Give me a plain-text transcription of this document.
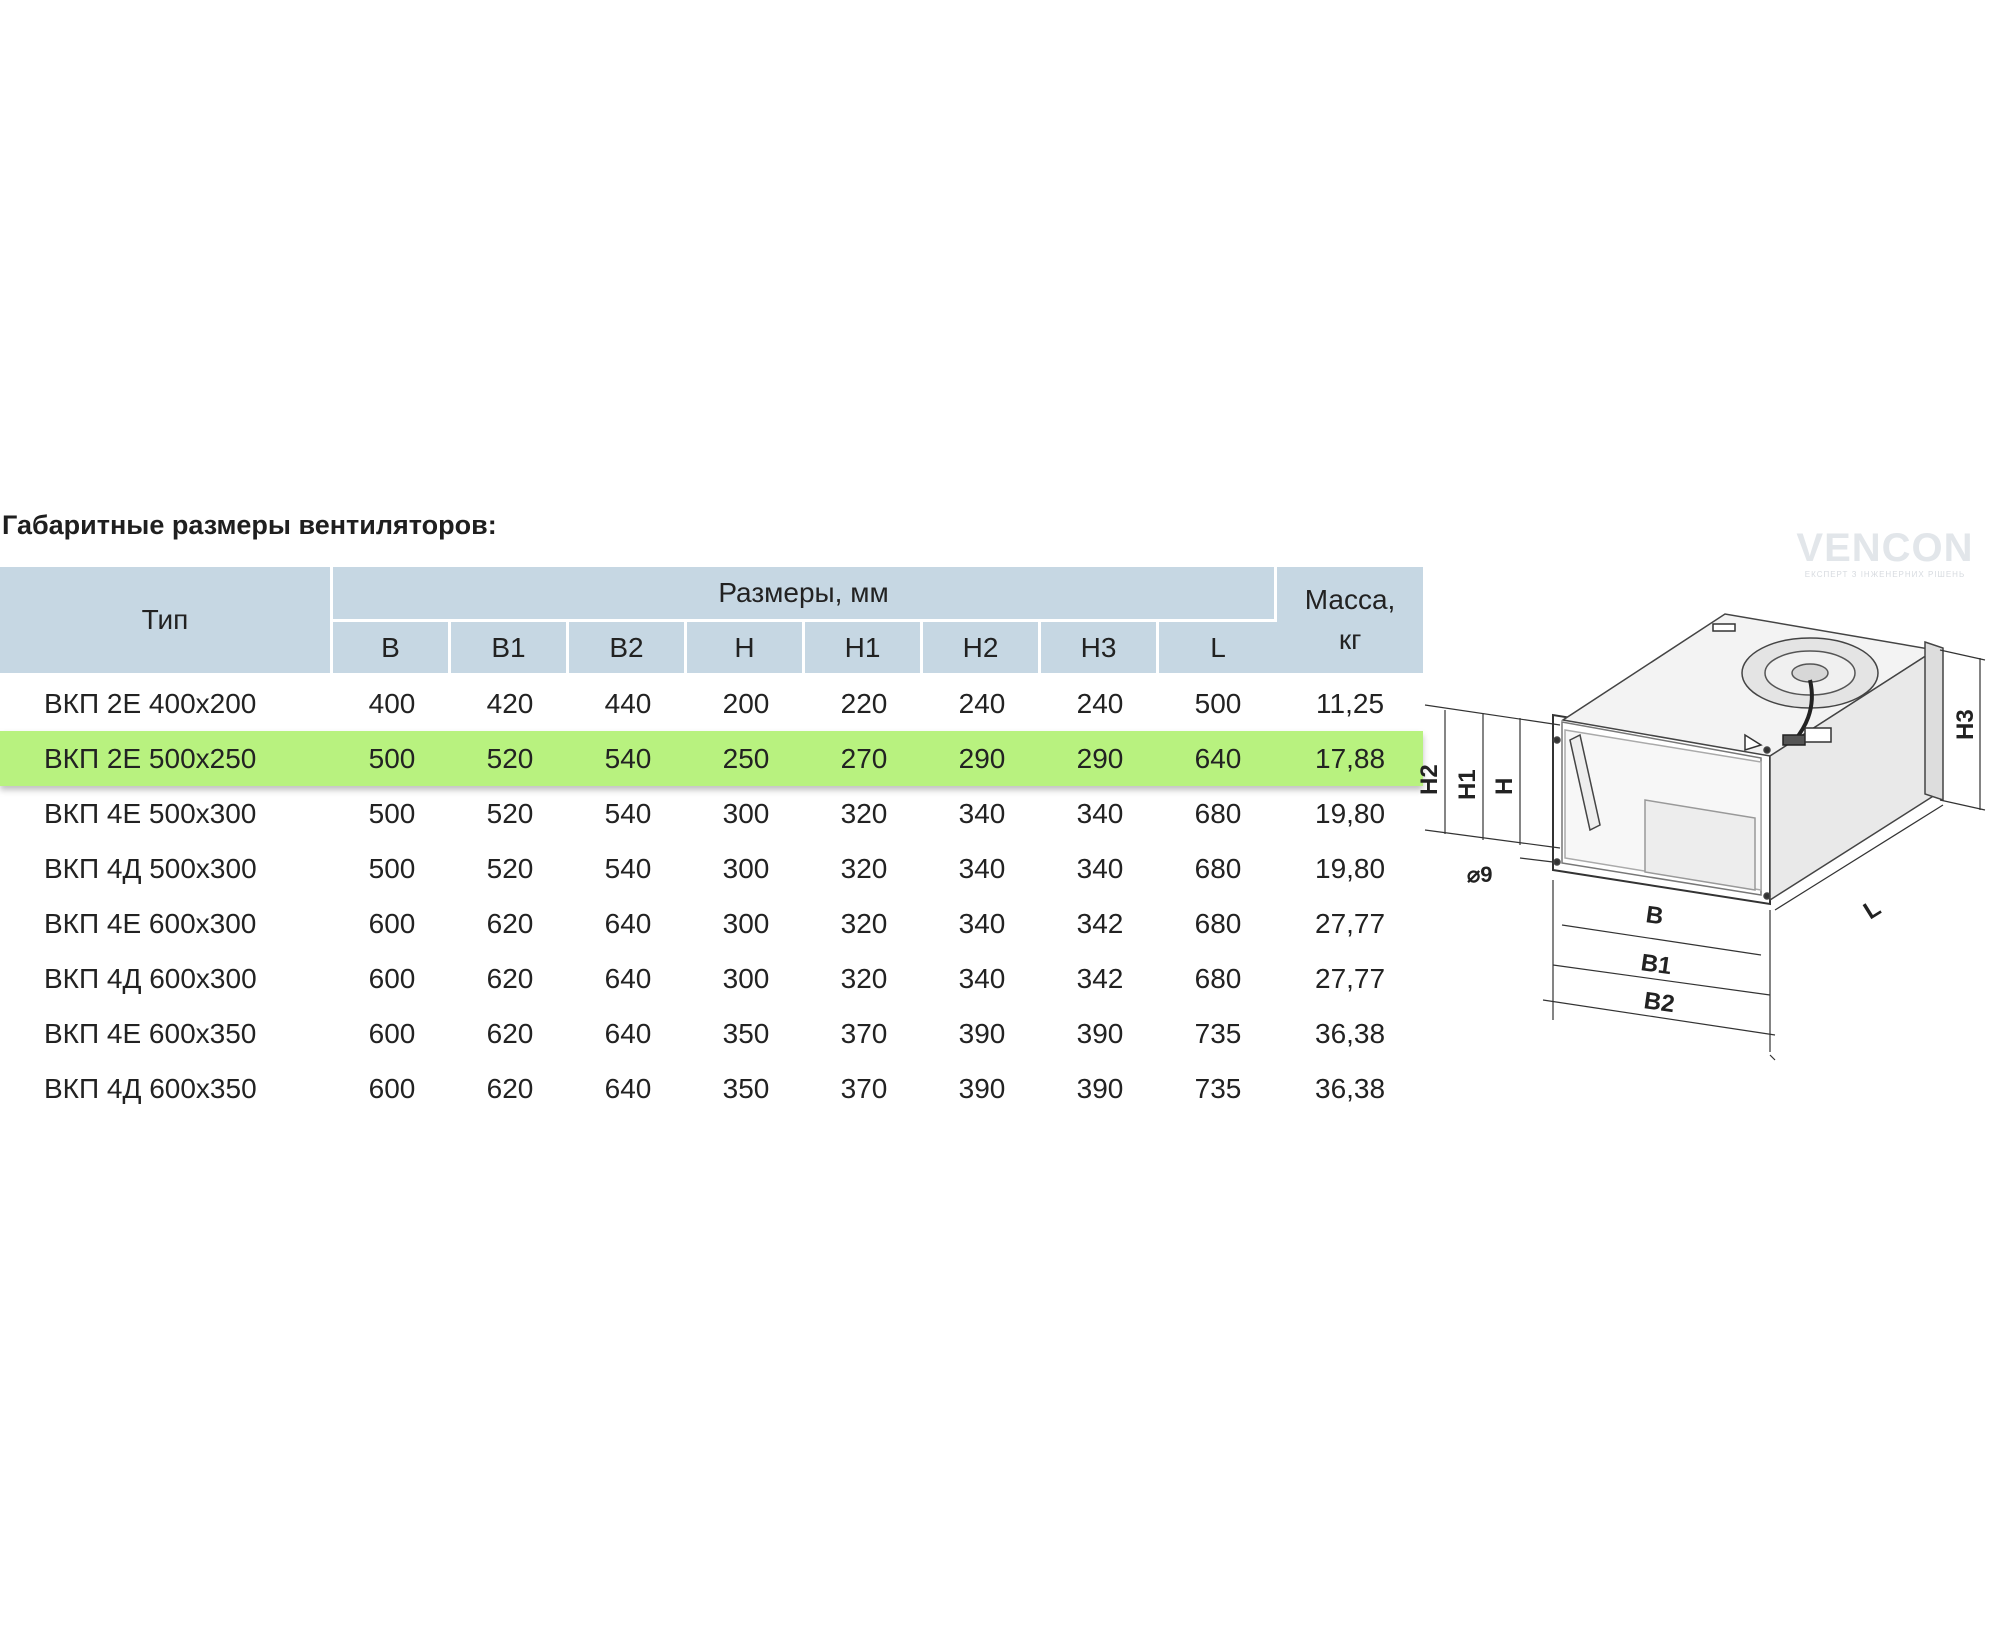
Габаритные размеры вентиляторов:
VENCON
ЕКСПЕРТ З ІНЖЕНЕРНИХ РІШЕНЬ
Тип	Размеры, мм								Масса, кг
	B	B1	B2	H	H1	H2	H3	L	
ВКП 2Е 400х200	400	420	440	200	220	240	240	500	11,25
ВКП 2Е 500х250	500	520	540	250	270	290	290	640	17,88
ВКП 4Е 500х300	500	520	540	300	320	340	340	680	19,80
ВКП 4Д 500х300	500	520	540	300	320	340	340	680	19,80
ВКП 4Е 600х300	600	620	640	300	320	340	342	680	27,77
ВКП 4Д 600х300	600	620	640	300	320	340	342	680	27,77
ВКП 4Е 600х350	600	620	640	350	370	390	390	735	36,38
ВКП 4Д 600х350	600	620	640	350	370	390	390	735	36,38
H2 H1 H
H3
⌀9
B
B1
B2
L
